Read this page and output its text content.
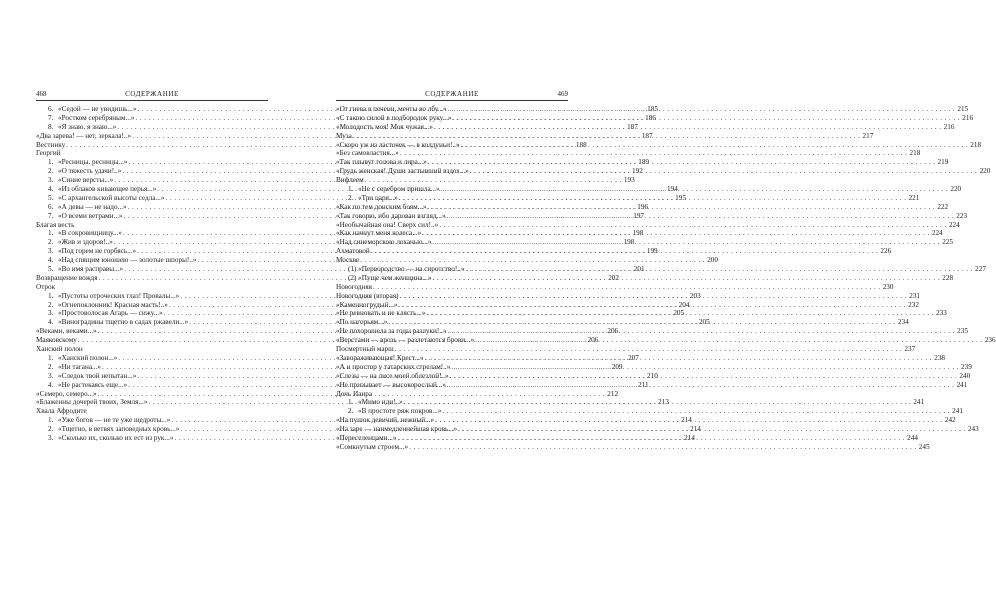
468	СОДЕРЖАНИЕ
6. «Седой — не увидишь...» . . .	185
7. «Ростком серебряным...» . . .	186
8. «Я знаю, я знаю...» . . .	187
«Два зарева! — нет, зеркала!..» . . .	187
Вестнику . . .	188
Георгий
1. «Ресницы, ресницы...» . . .	189
2. «О тяжесть удачи!..» . . .	192
3. «Синие версты...» . . .	193
4. «Из облаков кивающее перья...» . . .	194
5. «С архангельской высоты седла...» . . .	195
6. «А девы — не надо...» . . .	196
7. «О всеми ветрами...» . . .	197
Благая весть
1. «В сокровищницу...» . . .	198
2. «Жив и здоров!..» . . .	198
3. «Под горем не горбясь...» . . .	199
4. «Над спящим юношею — золотые шпоры!..» . . .	200
5. «Во имя расправы...» . . .	201
Возвращение вождя . . .	202
Отрок
1. «Пустоты отроческих глаз! Провалы...» . . .	203
2. «Огнепоклонник! Красная масть!..» . . .	204
3. «Простоволосая Агарь — сижу...» . . .	205
4. «Виноградины тщетно в садах ржавели...» . . .	205
«Веками, веками...» . . .	206
Маяковскому . . .	206
Ханский полон
1. «Ханский полон...» . . .	207
2. «Ни тагана...» . . .	209
3. «Следок твой непытан...» . . .	210
4. «Не растекаясь еще...» . . .	211
«Семеро, семеро...» . . .	212
«Блаженны дочерей твоих, Земля...» . . .	213
Хвала Афродите
1. «Уже богов — не те уже щедроты...» . . .	214
2. «Тщетно, в ветвях заповедных кровь...» . . .	214
3. «Сколько их, сколько их ест из рук...» . . .	214
469
СОДЕРЖАНИЕ
«От гнева в печени, мечты во лбу...» . . .	215
«С такою силой в подбородок руку...» . . .	216
«Молодость моя! Моя чужая...» . . .	216
Муза . . .	217
«Скоро уж из ласточек — в колдуньи!..» . . .	218
«Без самовластия...» . . .	218
«Так плывут голова и лира...» . . .	219
«Грудь женская! Души застывший вздох...» . . .	220
Вифлеем
1. «Не с серебром пришла...» . . .	220
2. «Три царя...» . . .	221
«Как по тем донским боям...» . . .	222
«Так говорю, ибо дарован взгляд...» . . .	223
«Необычайная она! Сверх сил!..» . . .	224
«Как начнут меня колеса...» . . .	224
«Над синеморскою лоханью...» . . .	225
Ахматовой . . .	226
Москве
(1) «Первородство — на сиротство!..» . . .	227
(2) «Пуще чем женщина...» . . .	228
Новогодняя . . .	230
Новогодняя (вторая) . . .	231
«Каменногрудый...» . . .	232
«Не ревновать и не клясть...» . . .	233
«По нагорьям...» . . .	234
«Не похорошела за годы разлуки!..» . . .	235
«Верстами — врозь — разлетаются брови...» . . .	236
Посмертный марш . . .	237
«Завораживающая! Крест...» . . .	238
«А и простор у татарских стрелам!..» . . .	239
«Слезы — на лисе моей облезлой!..» . . .	240
«Не призывает — высокорослый...» . . .	241
Дочь Иаира
1. «Мимо иди!..» . . .	241
2. «В простоте ряж покров...» . . .	241
«На пушок девичий, нежный...» . . .	242
«На заре — наимедленнейшая кровь...» . . .	243
«Переселенцами...» . . .	244
«Сомкнутым строем...» . . .	245
